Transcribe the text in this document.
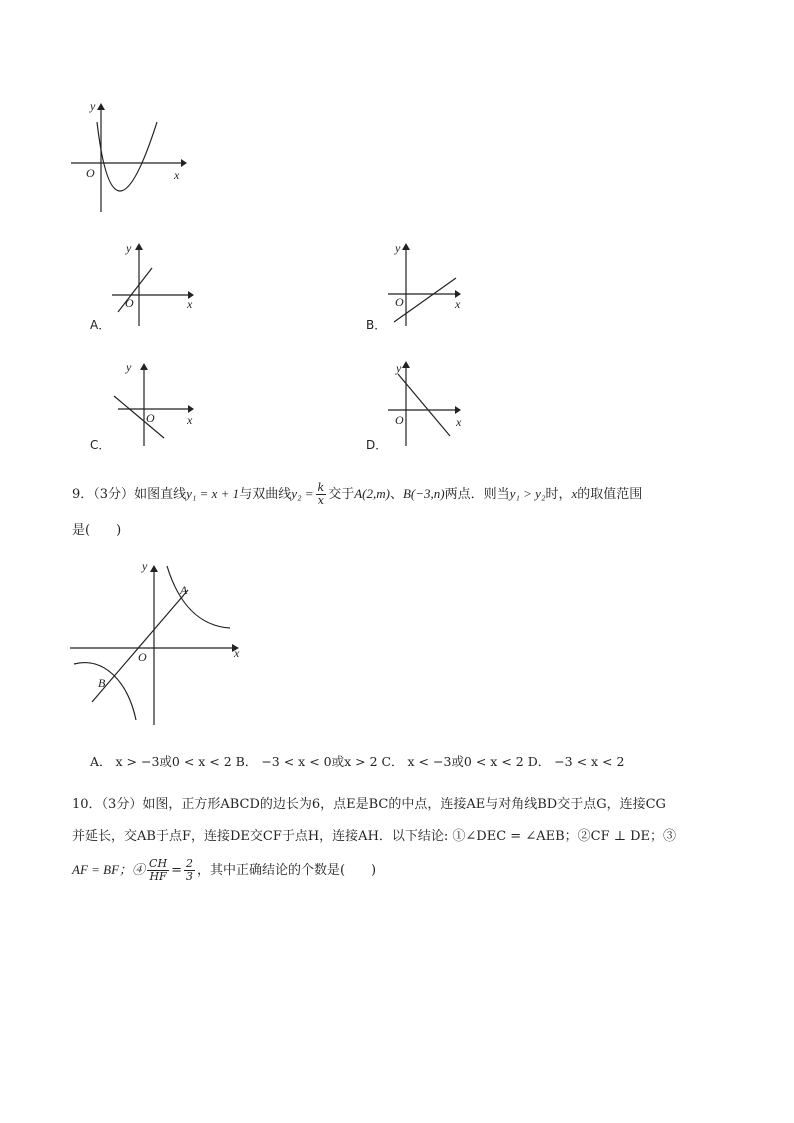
y
O	x
y
O	x
A．
y
O	x
B．
y
O	x
C．
y
O	x
D．
9．（3分）如图直线y₁ = x + 1与双曲线$y_2 = \frac{k}{x}$ 交于A(2,m)、B(−3,n)两点．则当y₁ > y₂时，x的取值范围
是(　　)
y
A
O	x
B
A． x > −3或0 < x < 2 B． −3 < x < 0或x > 2 C． x < −3或0 < x < 2 D． −3 < x < 2
10．（3分）如图，正方形ABCD的边长为6，点E是BC的中点，连接AE与对角线BD交于点G，连接CG
并延长，交AB于点F，连接DE交CF于点H，连接AH．以下结论: ①∠DEC = ∠AEB；②CF ⊥ DE；③
AF = BF；④ $\frac{CH}{HF} = \frac{2}{3}$ ，其中正确结论的个数是(　　)
